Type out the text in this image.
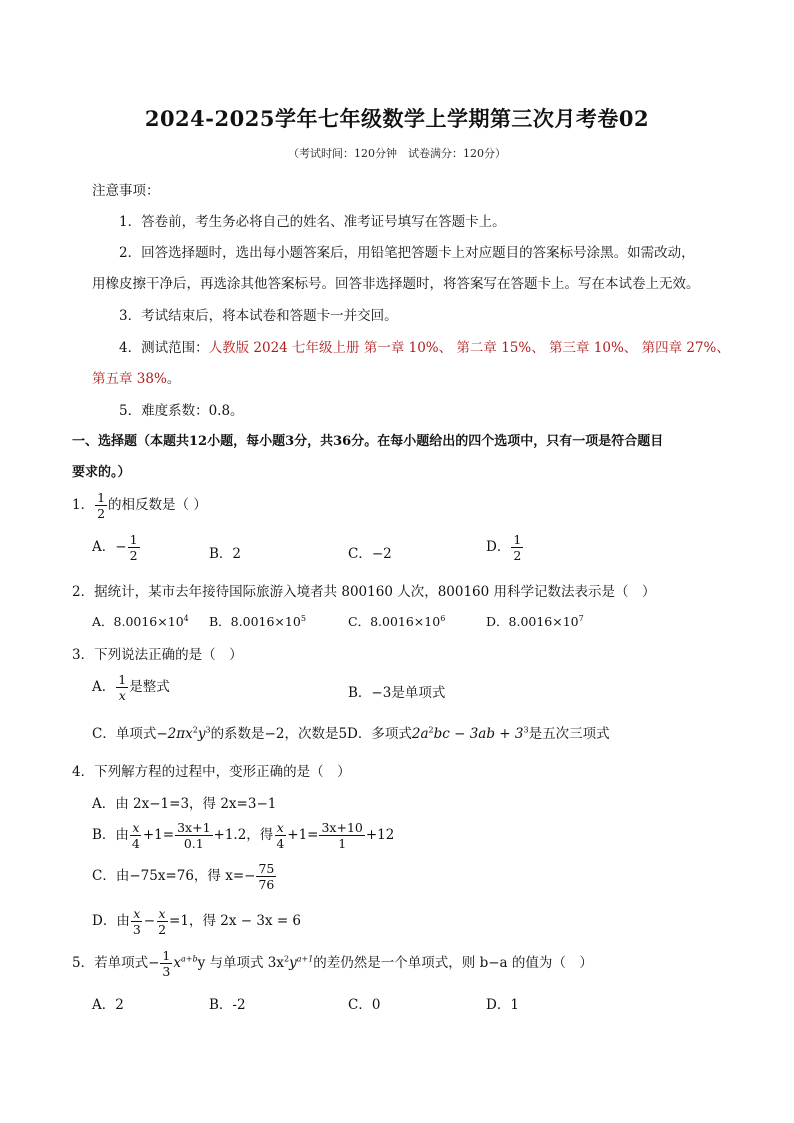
2024-2025学年七年级数学上学期第三次月考卷02
（考试时间：120分钟　试卷满分：120分）
注意事项：
1．答卷前，考生务必将自己的姓名、准考证号填写在答题卡上。
2．回答选择题时，选出每小题答案后，用铅笔把答题卡上对应题目的答案标号涂黑。如需改动，
用橡皮擦干净后，再选涂其他答案标号。回答非选择题时，将答案写在答题卡上。写在本试卷上无效。
3．考试结束后，将本试卷和答题卡一并交回。
4．测试范围：人教版 2024 七年级上册 第一章 10%、 第二章 15%、 第三章 10%、 第四章 27%、
第五章 38%。
5．难度系数：0.8。
一、选择题（本题共12小题，每小题3分，共36分。在每小题给出的四个选项中，只有一项是符合题目
要求的。）
1． $\frac{1}{2}$ 的相反数是（ ）
A．− $\frac{1}{2}$	B．2	C．−2	D． $\frac{1}{2}$
2．据统计，某市去年接待国际旅游入境者共 800160 人次，800160 用科学记数法表示是（　）
A．$8.0016\times 10^4$ B．$8.0016\times 10^5$	C．$8.0016\times 10^6$	D．$8.0016\times 10^7$
3．下列说法正确的是（　）
A． $\frac{1}{x}$ 是整式	B．−3是单项式
C．单项式$-2\pi x^2y^3$的系数是−2，次数是5D．多项式$2a^2bc - 3ab + 3^3$是五次三项式
4．下列解方程的过程中，变形正确的是（　）
A．由 2x−1=3，得 2x=3−1
B．由 $\frac{x}{4} +1= \frac{3x+1}{0.1} +1.2$，得 $\frac{x}{4} +1= \frac{3x+10}{1} +12$
C．由−75x=76，得 $x=- \frac{75}{76}$
D．由 $\frac{x}{3} - \frac{x}{2} =1$，得 2x − 3x = 6
5．若单项式− $\frac{1}{3} x^{a+b}y$ 与单项式 $3x^2y^{a+1}$的差仍然是一个单项式，则 b−a 的值为（　）
A．2	B．-2	C．0	D．1
